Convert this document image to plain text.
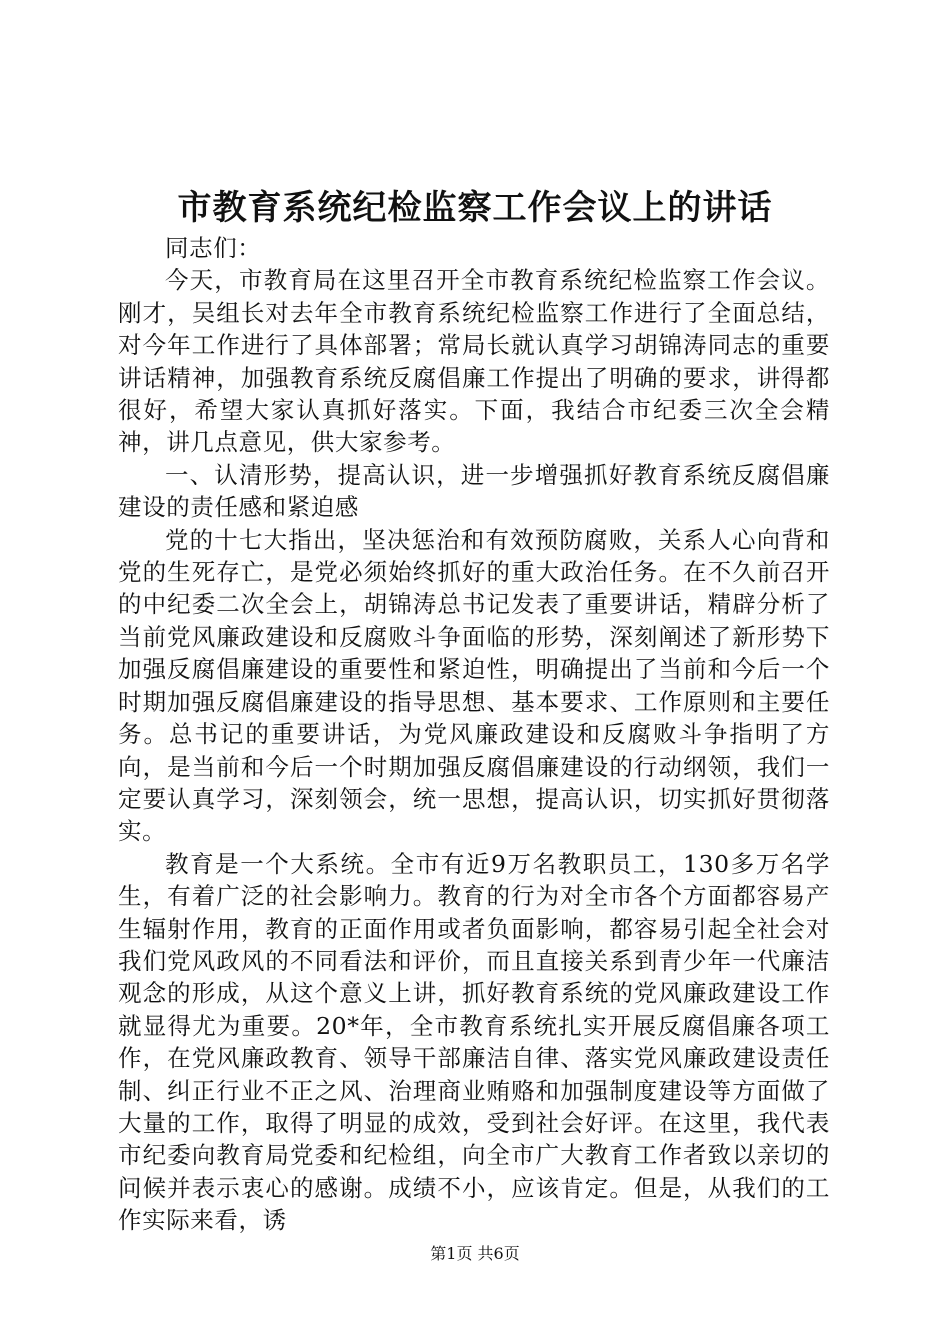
市教育系统纪检监察工作会议上的讲话

同志们：

今天，市教育局在这里召开全市教育系统纪检监察工作会议。刚才，吴组长对去年全市教育系统纪检监察工作进行了全面总结，对今年工作进行了具体部署；常局长就认真学习胡锦涛同志的重要讲话精神，加强教育系统反腐倡廉工作提出了明确的要求，讲得都很好，希望大家认真抓好落实。下面，我结合市纪委三次全会精神，讲几点意见，供大家参考。

一、认清形势，提高认识，进一步增强抓好教育系统反腐倡廉建设的责任感和紧迫感

党的十七大指出，坚决惩治和有效预防腐败，关系人心向背和党的生死存亡，是党必须始终抓好的重大政治任务。在不久前召开的中纪委二次全会上，胡锦涛总书记发表了重要讲话，精辟分析了当前党风廉政建设和反腐败斗争面临的形势，深刻阐述了新形势下加强反腐倡廉建设的重要性和紧迫性，明确提出了当前和今后一个时期加强反腐倡廉建设的指导思想、基本要求、工作原则和主要任务。总书记的重要讲话，为党风廉政建设和反腐败斗争指明了方向，是当前和今后一个时期加强反腐倡廉建设的行动纲领，我们一定要认真学习，深刻领会，统一思想，提高认识，切实抓好贯彻落实。

教育是一个大系统。全市有近9万名教职员工，130多万名学生，有着广泛的社会影响力。教育的行为对全市各个方面都容易产生辐射作用，教育的正面作用或者负面影响，都容易引起全社会对我们党风政风的不同看法和评价，而且直接关系到青少年一代廉洁观念的形成，从这个意义上讲，抓好教育系统的党风廉政建设工作就显得尤为重要。20*年，全市教育系统扎实开展反腐倡廉各项工作，在党风廉政教育、领导干部廉洁自律、落实党风廉政建设责任制、纠正行业不正之风、治理商业贿赂和加强制度建设等方面做了大量的工作，取得了明显的成效，受到社会好评。在这里，我代表市纪委向教育局党委和纪检组，向全市广大教育工作者致以亲切的问候并表示衷心的感谢。成绩不小，应该肯定。但是，从我们的工作实际来看，诱

第1页 共6页
